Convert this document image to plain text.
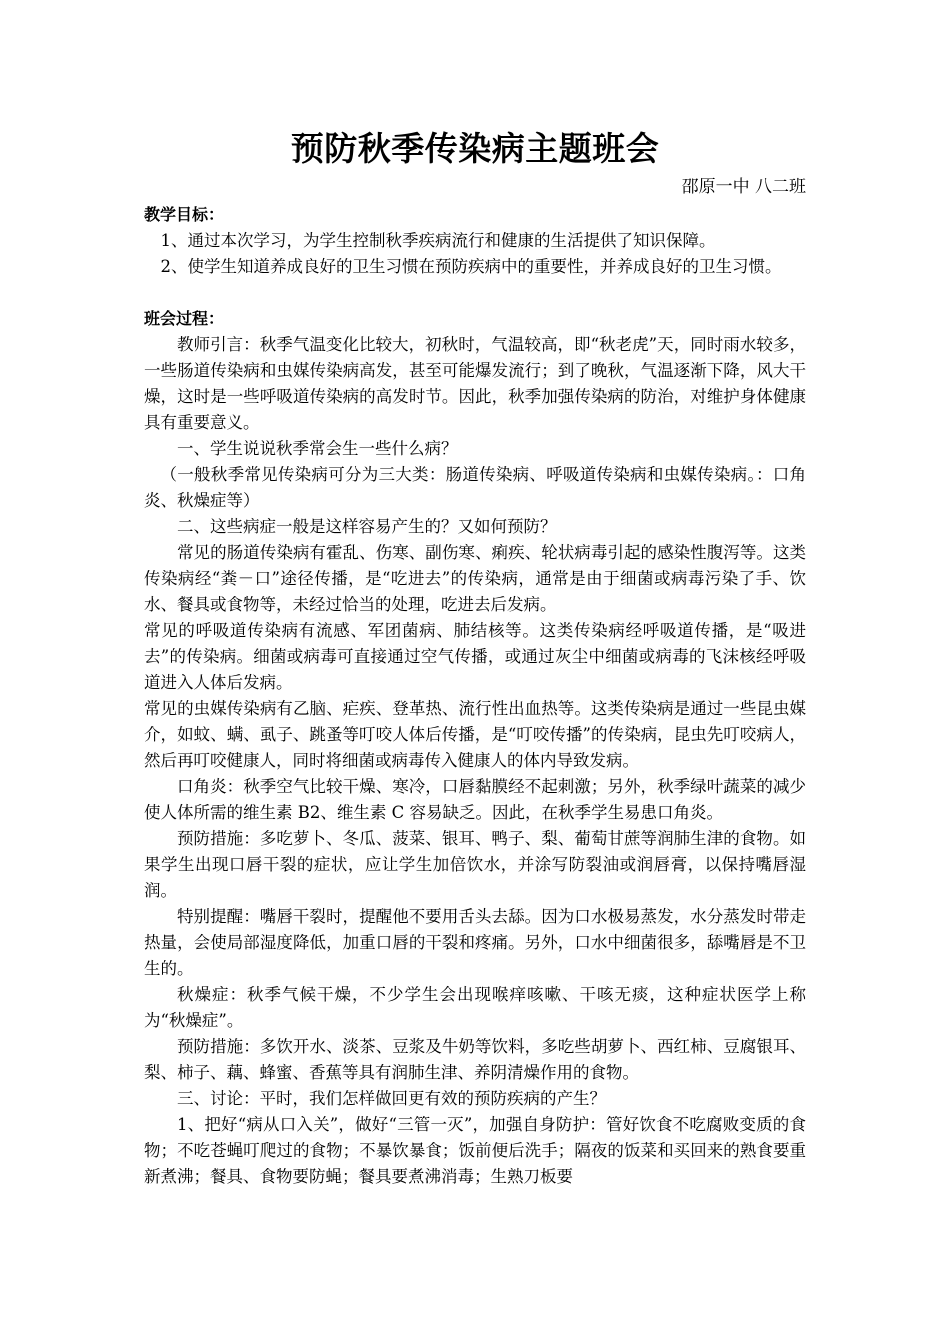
预防秋季传染病主题班会
邵原一中 八二班
教学目标：

1、通过本次学习，为学生控制秋季疾病流行和健康的生活提供了知识保障。

2、使学生知道养成良好的卫生习惯在预防疾病中的重要性，并养成良好的卫生习惯。

班会过程：

教师引言：秋季气温变化比较大，初秋时，气温较高，即“秋老虎”天，同时雨水较多，一些肠道传染病和虫媒传染病高发，甚至可能爆发流行；到了晚秋，气温逐渐下降，风大干燥，这时是一些呼吸道传染病的高发时节。因此，秋季加强传染病的防治，对维护身体健康具有重要意义。

一、学生说说秋季常会生一些什么病？

（一般秋季常见传染病可分为三大类：肠道传染病、呼吸道传染病和虫媒传染病。：口角炎、秋燥症等）

二、这些病症一般是这样容易产生的？又如何预防？

常见的肠道传染病有霍乱、伤寒、副伤寒、痢疾、轮状病毒引起的感染性腹泻等。这类传染病经“粪－口”途径传播，是“吃进去”的传染病，通常是由于细菌或病毒污染了手、饮水、餐具或食物等，未经过恰当的处理，吃进去后发病。

常见的呼吸道传染病有流感、军团菌病、肺结核等。这类传染病经呼吸道传播，是“吸进去”的传染病。细菌或病毒可直接通过空气传播，或通过灰尘中细菌或病毒的飞沫核经呼吸道进入人体后发病。

常见的虫媒传染病有乙脑、疟疾、登革热、流行性出血热等。这类传染病是通过一些昆虫媒介，如蚊、螨、虱子、跳蚤等叮咬人体后传播，是“叮咬传播”的传染病，昆虫先叮咬病人，然后再叮咬健康人，同时将细菌或病毒传入健康人的体内导致发病。

口角炎：秋季空气比较干燥、寒冷，口唇黏膜经不起刺激；另外，秋季绿叶蔬菜的减少使人体所需的维生素 B2、维生素 C 容易缺乏。因此，在秋季学生易患口角炎。

预防措施：多吃萝卜、冬瓜、菠菜、银耳、鸭子、梨、葡萄甘蔗等润肺生津的食物。如果学生出现口唇干裂的症状，应让学生加倍饮水，并涂写防裂油或润唇膏，以保持嘴唇湿润。

特别提醒：嘴唇干裂时，提醒他不要用舌头去舔。因为口水极易蒸发，水分蒸发时带走热量，会使局部湿度降低，加重口唇的干裂和疼痛。另外，口水中细菌很多，舔嘴唇是不卫生的。

秋燥症：秋季气候干燥，不少学生会出现喉痒咳嗽、干咳无痰，这种症状医学上称为“秋燥症”。

预防措施：多饮开水、淡茶、豆浆及牛奶等饮料，多吃些胡萝卜、西红柿、豆腐银耳、梨、柿子、藕、蜂蜜、香蕉等具有润肺生津、养阴清燥作用的食物。

三、讨论：平时，我们怎样做回更有效的预防疾病的产生？

1、把好“病从口入关”，做好“三管一灭”，加强自身防护：管好饮食不吃腐败变质的食物；不吃苍蝇叮爬过的食物；不暴饮暴食；饭前便后洗手；隔夜的饭菜和买回来的熟食要重新煮沸；餐具、食物要防蝇；餐具要煮沸消毒；生熟刀板要
